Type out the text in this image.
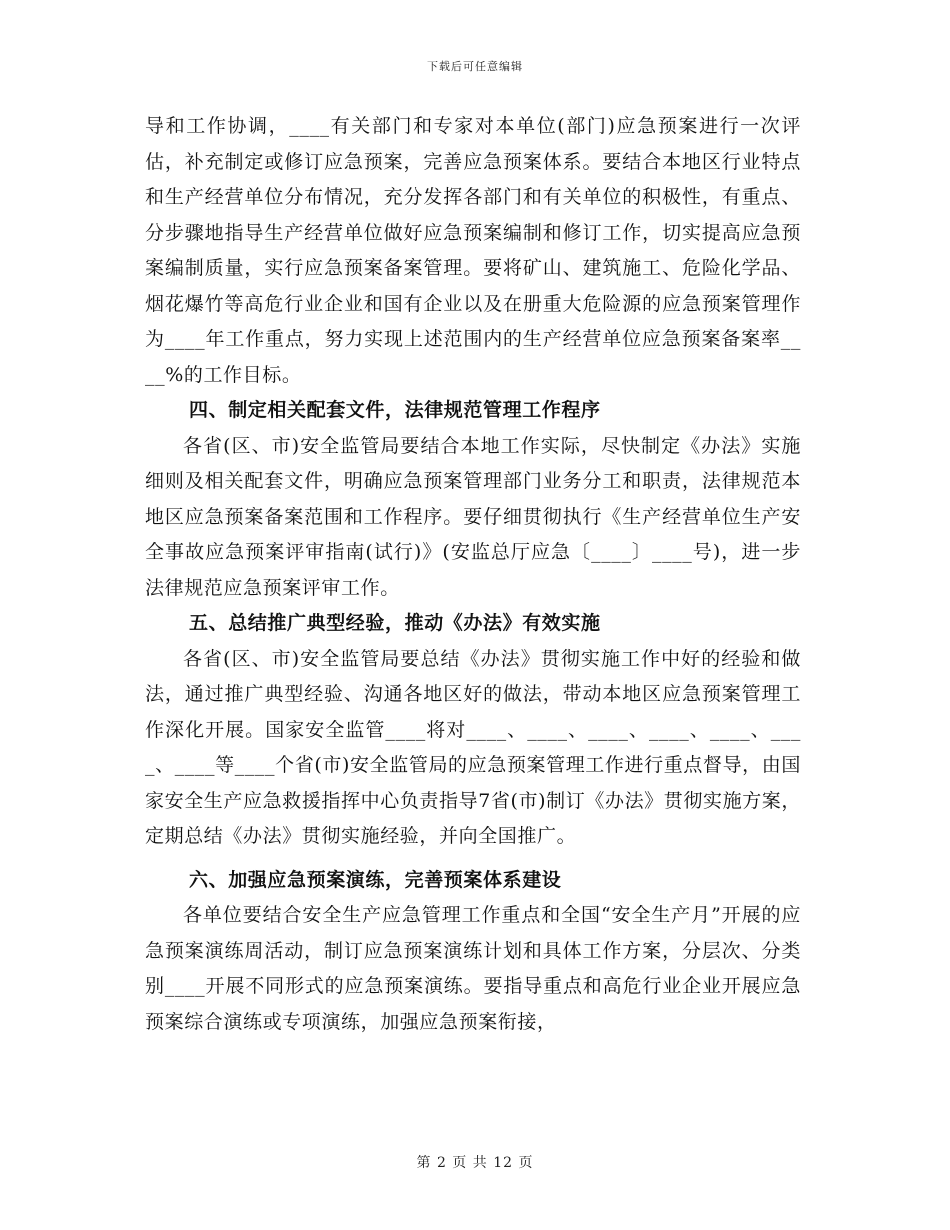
下载后可任意编辑

导和工作协调，____有关部门和专家对本单位(部门)应急预案进行一次评估，补充制定或修订应急预案，完善应急预案体系。要结合本地区行业特点和生产经营单位分布情况，充分发挥各部门和有关单位的积极性，有重点、分步骤地指导生产经营单位做好应急预案编制和修订工作，切实提高应急预案编制质量，实行应急预案备案管理。要将矿山、建筑施工、危险化学品、烟花爆竹等高危行业企业和国有企业以及在册重大危险源的应急预案管理作为____年工作重点，努力实现上述范围内的生产经营单位应急预案备案率____%的工作目标。

四、制定相关配套文件，法律规范管理工作程序

各省(区、市)安全监管局要结合本地工作实际，尽快制定《办法》实施细则及相关配套文件，明确应急预案管理部门业务分工和职责，法律规范本地区应急预案备案范围和工作程序。要仔细贯彻执行《生产经营单位生产安全事故应急预案评审指南(试行)》(安监总厅应急〔____〕____号)，进一步法律规范应急预案评审工作。

五、总结推广典型经验，推动《办法》有效实施

各省(区、市)安全监管局要总结《办法》贯彻实施工作中好的经验和做法，通过推广典型经验、沟通各地区好的做法，带动本地区应急预案管理工作深化开展。国家安全监管____将对____、____、____、____、____、____、____等____个省(市)安全监管局的应急预案管理工作进行重点督导，由国家安全生产应急救援指挥中心负责指导7省(市)制订《办法》贯彻实施方案，定期总结《办法》贯彻实施经验，并向全国推广。

六、加强应急预案演练，完善预案体系建设

各单位要结合安全生产应急管理工作重点和全国“安全生产月”开展的应急预案演练周活动，制订应急预案演练计划和具体工作方案，分层次、分类别____开展不同形式的应急预案演练。要指导重点和高危行业企业开展应急预案综合演练或专项演练，加强应急预案衔接，

第 2 页 共 12 页
